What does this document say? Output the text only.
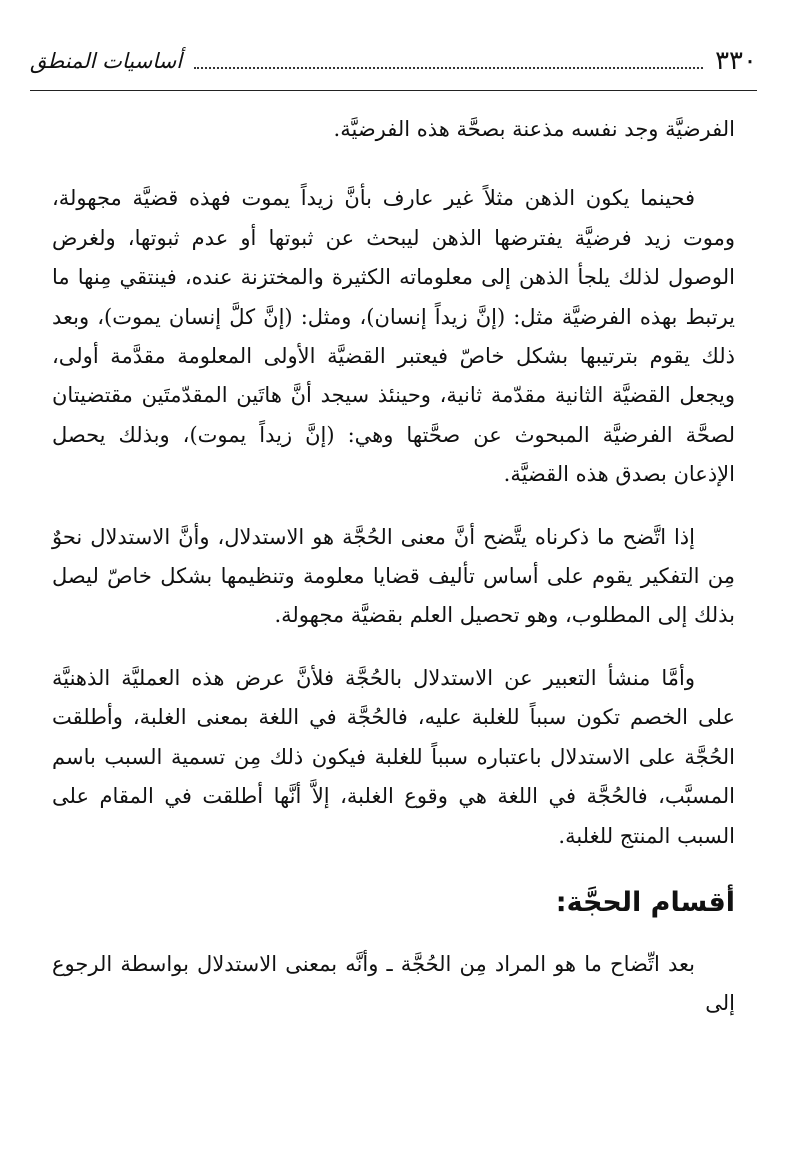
٣٣٠
أساسيات المنطق

الفرضيَّة وجد نفسه مذعنة بصحَّة هذه الفرضيَّة.

فحينما يكون الذهن مثلاً غير عارف بأنَّ زيداً يموت فهذه قضيَّة مجهولة، وموت زيد فرضيَّة يفترضها الذهن ليبحث عن ثبوتها أو عدم ثبوتها، ولغرض الوصول لذلك يلجأ الذهن إلى معلوماته الكثيرة والمختزنة عنده، فينتقي مِنها ما يرتبط بهذه الفرضيَّة مثل: (إنَّ زيداً إنسان)، ومثل: (إنَّ كلَّ إنسان يموت)، وبعد ذلك يقوم بترتيبها بشكل خاصّ فيعتبر القضيَّة الأولى المعلومة مقدَّمة أولى، ويجعل القضيَّة الثانية مقدّمة ثانية، وحينئذ سيجد أنَّ هاتَين المقدّمتَين مقتضيتان لصحَّة الفرضيَّة المبحوث عن صحَّتها وهي: (إنَّ زيداً يموت)، وبذلك يحصل الإذعان بصدق هذه القضيَّة.

إذا اتَّضح ما ذكرناه يتَّضح أنَّ معنى الحُجَّة هو الاستدلال، وأنَّ الاستدلال نحوٌ مِن التفكير يقوم على أساس تأليف قضايا معلومة وتنظيمها بشكل خاصّ ليصل بذلك إلى المطلوب، وهو تحصيل العلم بقضيَّة مجهولة.

وأمَّا منشأ التعبير عن الاستدلال بالحُجَّة فلأنَّ عرض هذه العمليَّة الذهنيَّة على الخصم تكون سبباً للغلبة عليه، فالحُجَّة في اللغة بمعنى الغلبة، وأطلقت الحُجَّة على الاستدلال باعتباره سبباً للغلبة فيكون ذلك مِن تسمية السبب باسم المسبَّب، فالحُجَّة في اللغة هي وقوع الغلبة، إلاَّ أنَّها أطلقت في المقام على السبب المنتج للغلبة.

أقسام الحجَّة:

بعد اتِّضاح ما هو المراد مِن الحُجَّة ـ وأنَّه بمعنى الاستدلال بواسطة الرجوع إلى
